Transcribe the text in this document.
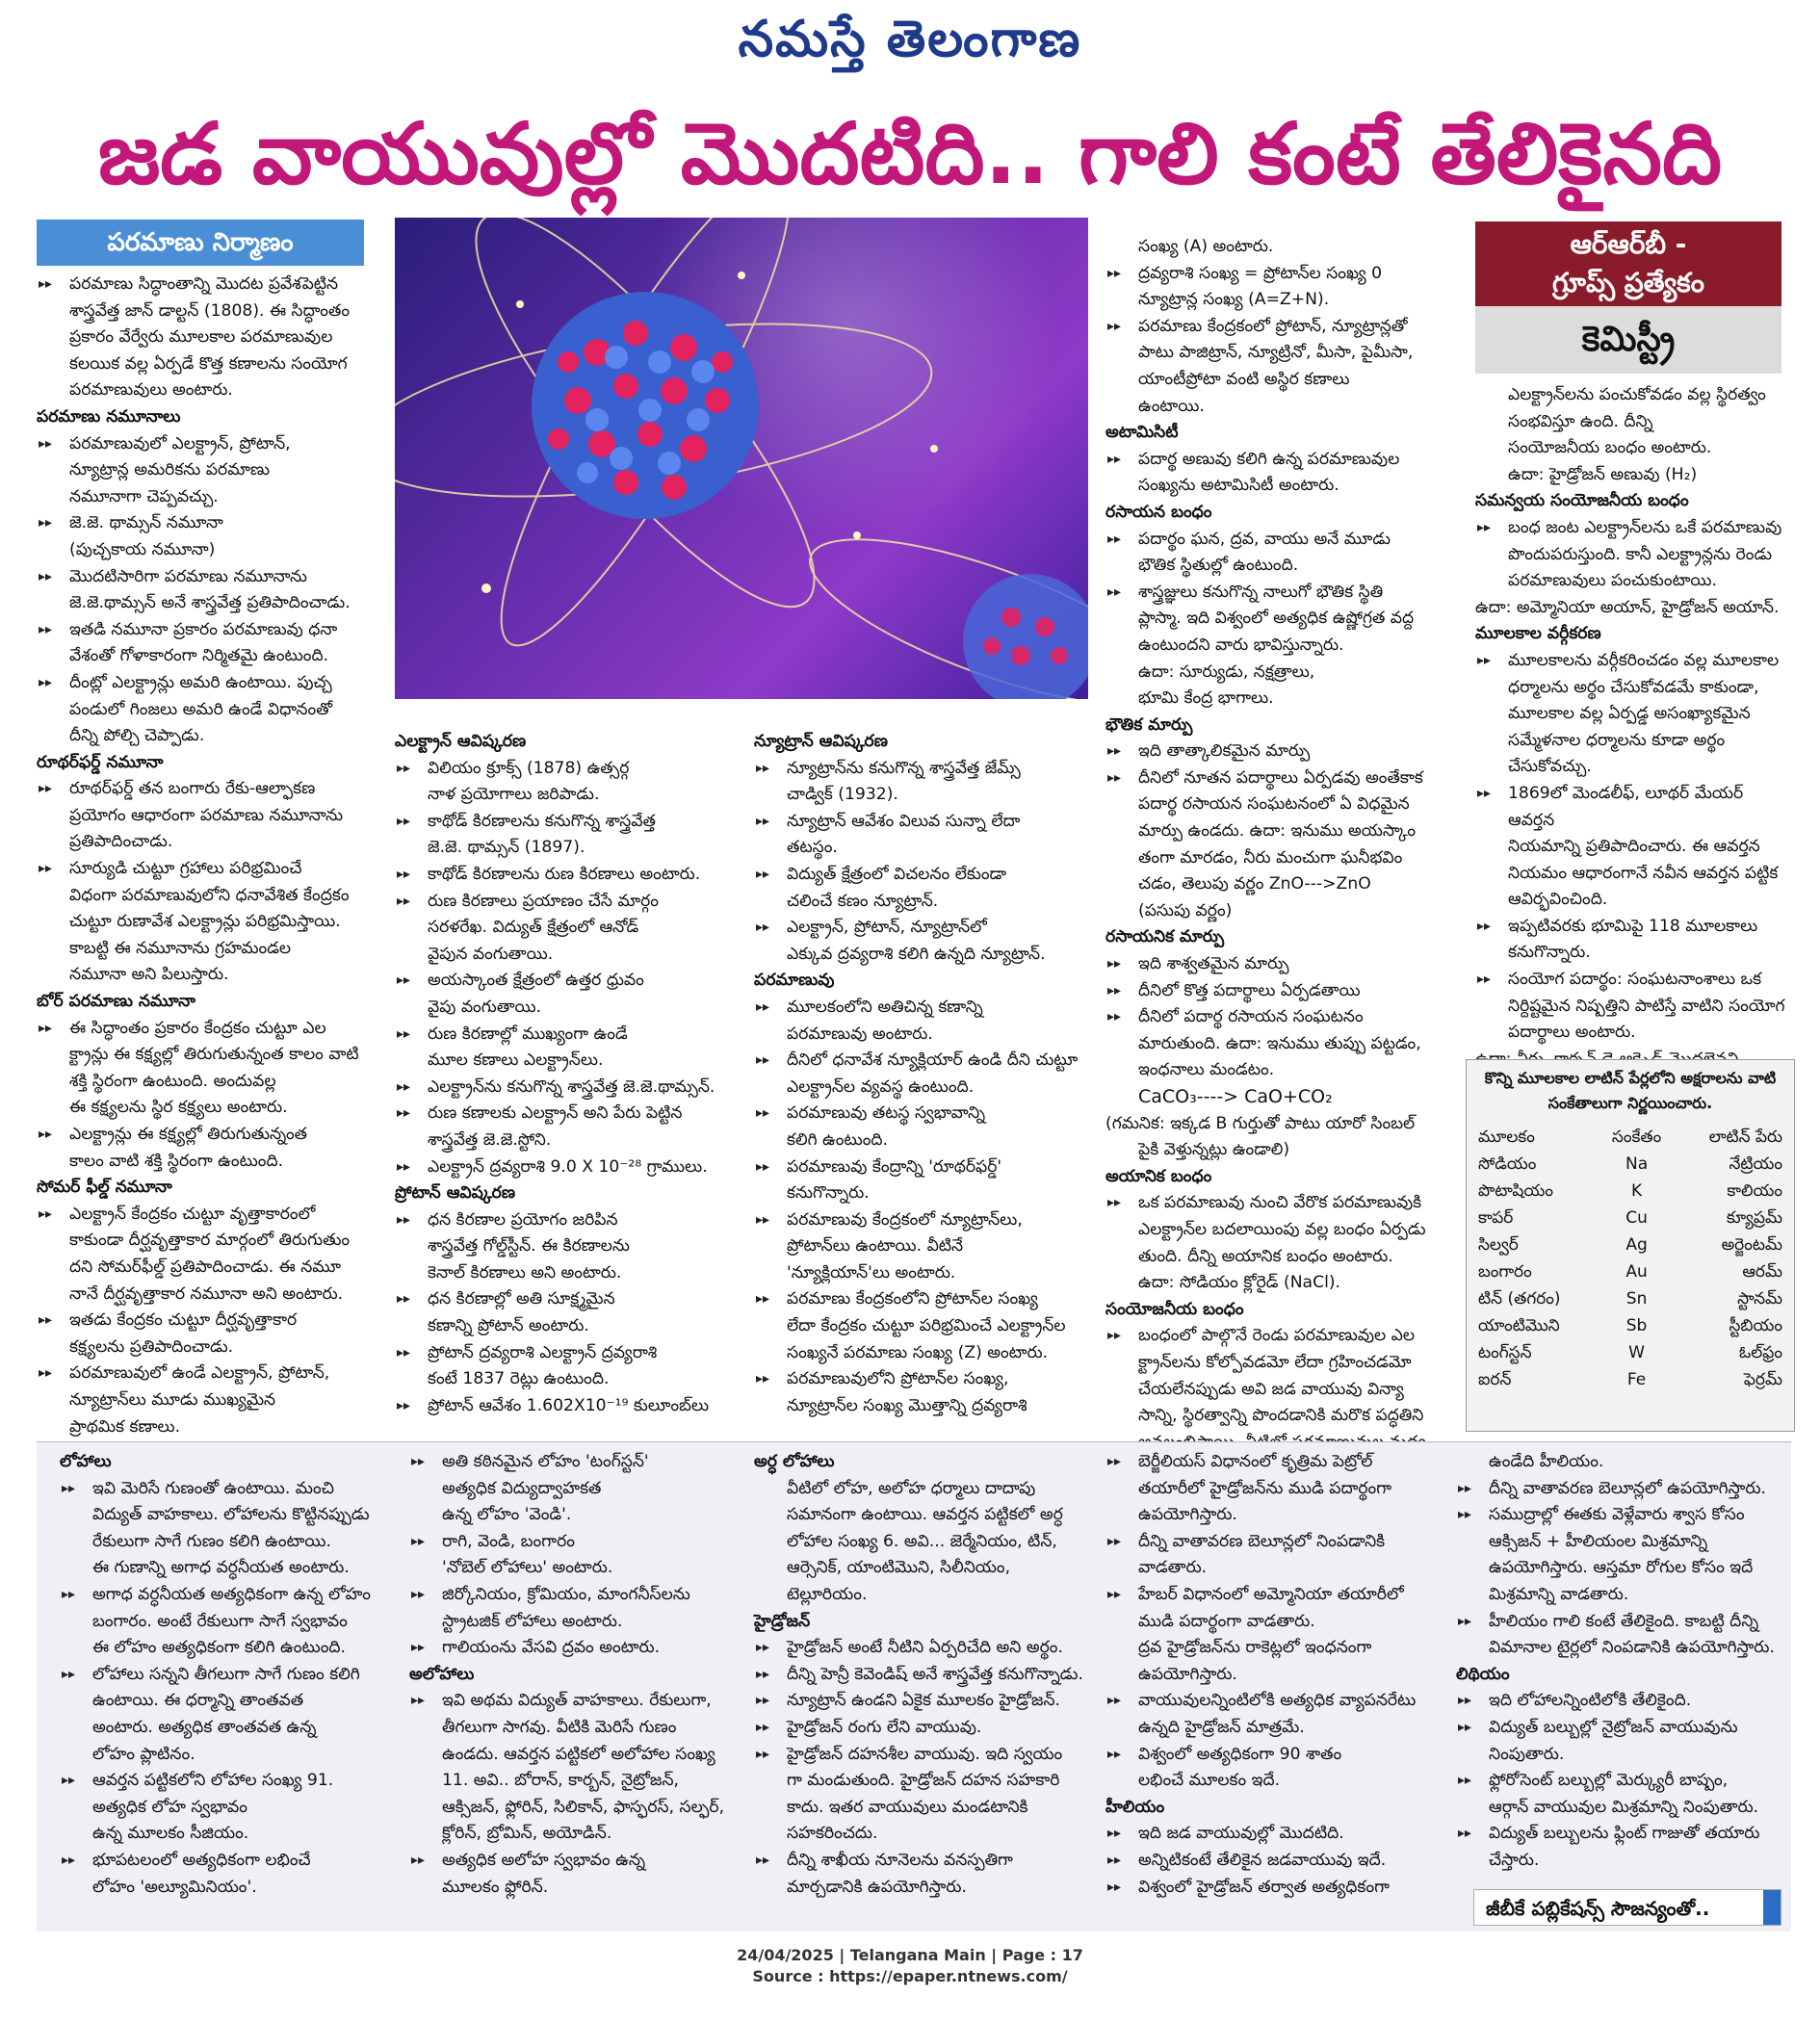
నమస్తే తెలంగాణ
జడ వాయువుల్లో మొదటిది.. గాలి కంటే తేలికైనది
పరమాణు నిర్మాణం

▸▸ పరమాణు సిద్ధాంతాన్ని మొదట ప్రవేశపెట్టిన

శాస్త్రవేత్త జాన్ డాల్టన్ (1808). ఈ సిద్ధాంతం

ప్రకారం వేర్వేరు మూలకాల పరమాణువుల

కలయిక వల్ల ఏర్పడే కొత్త కణాలను సంయోగ

పరమాణువులు అంటారు.

పరమాణు నమూనాలు

▸▸ పరమాణువులో ఎలక్ట్రాన్, ప్రోటాన్,

న్యూట్రాన్ల అమరికను పరమాణు

నమూనాగా చెప్పవచ్చు.

▸▸ జె.జె. థామ్సన్ నమూనా

(పుచ్చకాయ నమూనా)

▸▸ మొదటిసారిగా పరమాణు నమూనాను

జె.జె.థామ్సన్ అనే శాస్త్రవేత్త ప్రతిపాదించాడు.

▸▸ ఇతడి నమూనా ప్రకారం పరమాణువు ధనా

వేశంతో గోళాకారంగా నిర్మితమై ఉంటుంది.

▸▸ దీంట్లో ఎలక్ట్రాన్లు అమరి ఉంటాయి. పుచ్చ

పండులో గింజలు అమరి ఉండే విధానంతో

దీన్ని పోల్చి చెప్పాడు.

రూథర్‌ఫర్డ్ నమూనా

▸▸ రూథర్‌ఫర్డ్ తన బంగారు రేకు-ఆల్ఫాకణ

ప్రయోగం ఆధారంగా పరమాణు నమూనాను

ప్రతిపాదించాడు.

▸▸ సూర్యుడి చుట్టూ గ్రహాలు పరిభ్రమించే

విధంగా పరమాణువులోని ధనావేశిత కేంద్రకం

చుట్టూ రుణావేశ ఎలక్ట్రాన్లు పరిభ్రమిస్తాయి.

కాబట్టి ఈ నమూనాను గ్రహమండల

నమూనా అని పిలుస్తారు.

బోర్ పరమాణు నమూనా

▸▸ ఈ సిద్ధాంతం ప్రకారం కేంద్రకం చుట్టూ ఎల

క్ట్రాన్లు ఈ కక్ష్యల్లో తిరుగుతున్నంత కాలం వాటి

శక్తి స్థిరంగా ఉంటుంది. అందువల్ల

ఈ కక్ష్యలను స్థిర కక్ష్యలు అంటారు.

▸▸ ఎలక్ట్రాన్లు ఈ కక్ష్యల్లో తిరుగుతున్నంత

కాలం వాటి శక్తి స్థిరంగా ఉంటుంది.

సోమర్ ఫీల్డ్ నమూనా

▸▸ ఎలక్ట్రాన్ కేంద్రకం చుట్టూ వృత్తాకారంలో

కాకుండా దీర్ఘవృత్తాకార మార్గంలో తిరుగుతుం

దని సోమర్‌ఫీల్డ్ ప్రతిపాదించాడు. ఈ నమూ

నానే దీర్ఘవృత్తాకార నమూనా అని అంటారు.

▸▸ ఇతడు కేంద్రకం చుట్టూ దీర్ఘవృత్తాకార

కక్ష్యలను ప్రతిపాదించాడు.

▸▸ పరమాణువులో ఉండే ఎలక్ట్రాన్, ప్రోటాన్,

న్యూట్రాన్‌లు మూడు ముఖ్యమైన

ప్రాథమిక కణాలు.

ఎలక్ట్రాన్ ఆవిష్కరణ

▸▸ విలియం క్రూక్స్ (1878) ఉత్సర్గ

నాళ ప్రయోగాలు జరిపాడు.

▸▸ కాథోడ్ కిరణాలను కనుగొన్న శాస్త్రవేత్త

జె.జె. థామ్సన్ (1897).

▸▸ కాథోడ్ కిరణాలను రుణ కిరణాలు అంటారు.

▸▸ రుణ కిరణాలు ప్రయాణం చేసే మార్గం

సరళరేఖ. విద్యుత్ క్షేత్రంలో ఆనోడ్

వైపున వంగుతాయి.

▸▸ అయస్కాంత క్షేత్రంలో ఉత్తర ధ్రువం

వైపు వంగుతాయి.

▸▸ రుణ కిరణాల్లో ముఖ్యంగా ఉండే

మూల కణాలు ఎలక్ట్రాన్‌లు.

▸▸ ఎలక్ట్రాన్‌ను కనుగొన్న శాస్త్రవేత్త జె.జె.థామ్సన్.

▸▸ రుణ కణాలకు ఎలక్ట్రాన్ అని పేరు పెట్టిన

శాస్త్రవేత్త జె.జె.స్టోని.

▸▸ ఎలక్ట్రాన్ ద్రవ్యరాశి 9.0 X 10⁻²⁸ గ్రాములు.

ప్రోటాన్ ఆవిష్కరణ

▸▸ ధన కిరణాల ప్రయోగం జరిపిన

శాస్త్రవేత్త గోల్డ్‌స్టీన్. ఈ కిరణాలను

కెనాల్ కిరణాలు అని అంటారు.

▸▸ ధన కిరణాల్లో అతి సూక్ష్మమైన

కణాన్ని ప్రోటాన్ అంటారు.

▸▸ ప్రోటాన్ ద్రవ్యరాశి ఎలక్ట్రాన్ ద్రవ్యరాశి

కంటే 1837 రెట్లు ఉంటుంది.

▸▸ ప్రోటాన్ ఆవేశం 1.602X10⁻¹⁹ కులూంబ్‌లు

న్యూట్రాన్ ఆవిష్కరణ

▸▸ న్యూట్రాన్‌ను కనుగొన్న శాస్త్రవేత్త జేమ్స్

చాడ్విక్ (1932).

▸▸ న్యూట్రాన్ ఆవేశం విలువ సున్నా లేదా

తటస్థం.

▸▸ విద్యుత్ క్షేత్రంలో విచలనం లేకుండా

చలించే కణం న్యూట్రాన్.

▸▸ ఎలక్ట్రాన్, ప్రోటాన్, న్యూట్రాన్‌లో

ఎక్కువ ద్రవ్యరాశి కలిగి ఉన్నది న్యూట్రాన్.

పరమాణువు

▸▸ మూలకంలోని అతిచిన్న కణాన్ని

పరమాణువు అంటారు.

▸▸ దీనిలో ధనావేశ న్యూక్లియార్ ఉండి దీని చుట్టూ

ఎలక్ట్రాన్‌ల వ్యవస్థ ఉంటుంది.

▸▸ పరమాణువు తటస్థ స్వభావాన్ని

కలిగి ఉంటుంది.

▸▸ పరమాణువు కేంద్రాన్ని 'రూథర్‌ఫర్డ్'

కనుగొన్నారు.

▸▸ పరమాణువు కేంద్రకంలో న్యూట్రాన్‌లు,

ప్రోటాన్‌లు ఉంటాయి. వీటినే

'న్యూక్లియాన్'లు అంటారు.

▸▸ పరమాణు కేంద్రకంలోని ప్రోటాన్‌ల సంఖ్య

లేదా కేంద్రకం చుట్టూ పరిభ్రమించే ఎలక్ట్రాన్‌ల

సంఖ్యనే పరమాణు సంఖ్య (Z) అంటారు.

▸▸ పరమాణువులోని ప్రోటాన్‌ల సంఖ్య,

న్యూట్రాన్‌ల సంఖ్య మొత్తాన్ని ద్రవ్యరాశి

సంఖ్య (A) అంటారు.

▸▸ ద్రవ్యరాశి సంఖ్య = ప్రోటాన్‌ల సంఖ్య 0

న్యూట్రాన్ల సంఖ్య (A=Z+N).

▸▸ పరమాణు కేంద్రకంలో ప్రోటాన్, న్యూట్రాన్లతో

పాటు పాజిట్రాన్, న్యూట్రినో, మీసా, పైమీసా,

యాంటీప్రోటా వంటి అస్థిర కణాలు

ఉంటాయి.

అటామిసిటీ

▸▸ పదార్థ అణువు కలిగి ఉన్న పరమాణువుల

సంఖ్యను అటామిసిటీ అంటారు.

రసాయన బంధం

▸▸ పదార్థం ఘన, ద్రవ, వాయు అనే మూడు

భౌతిక స్థితుల్లో ఉంటుంది.

▸▸ శాస్త్రజ్ఞులు కనుగొన్న నాలుగో భౌతిక స్థితి

ప్లాస్మా. ఇది విశ్వంలో అత్యధిక ఉష్ణోగ్రత వద్ద

ఉంటుందని వారు భావిస్తున్నారు.

ఉదా: సూర్యుడు, నక్షత్రాలు,

భూమి కేంద్ర భాగాలు.

భౌతిక మార్పు

▸▸ ఇది తాత్కాలికమైన మార్పు

▸▸ దీనిలో నూతన పదార్థాలు ఏర్పడవు అంతేకాక

పదార్థ రసాయన సంఘటనంలో ఏ విధమైన

మార్పు ఉండదు. ఉదా: ఇనుము అయస్కాం

తంగా మారడం, నీరు మంచుగా ఘనీభవిం

చడం, తెలుపు వర్ణం ZnO--->ZnO

(పసుపు వర్ణం)

రసాయనిక మార్పు

▸▸ ఇది శాశ్వతమైన మార్పు

▸▸ దీనిలో కొత్త పదార్థాలు ఏర్పడతాయి

▸▸ దీనిలో పదార్థ రసాయన సంఘటనం

మారుతుంది. ఉదా: ఇనుము తుప్పు పట్టడం,

ఇంధనాలు మండటం.

CaCO₃----> CaO+CO₂

(గమనిక: ఇక్కడ B గుర్తుతో పాటు యారో సింబల్

పైకి వెళ్తున్నట్లు ఉండాలి)

అయానిక బంధం

▸▸ ఒక పరమాణువు నుంచి వేరొక పరమాణువుకి

ఎలక్ట్రాన్‌ల బదలాయింపు వల్ల బంధం ఏర్పడు

తుంది. దీన్ని అయానిక బంధం అంటారు.

ఉదా: సోడియం క్లోరైడ్ (NaCl).

సంయోజనీయ బంధం

▸▸ బంధంలో పాల్గొనే రెండు పరమాణువుల ఎల

క్ట్రాన్‌లను కోల్పోవడమో లేదా గ్రహించడమో

చేయలేనప్పుడు అవి జడ వాయువు విన్యా

సాన్ని, స్థిరత్వాన్ని పొందడానికి మరొక పద్ధతిని

ఆర్ఆర్‌బీ -
గ్రూప్స్ ప్రత్యేకం
కెమిస్ట్రీ

ఎలక్ట్రాన్‌లను పంచుకోవడం వల్ల స్థిరత్వం

సంభవిస్తూ ఉంది. దీన్ని

సంయోజనీయ బంధం అంటారు.

ఉదా: హైడ్రోజన్ అణువు (H₂)

సమన్వయ సంయోజనీయ బంధం

▸▸ బంధ జంట ఎలక్ట్రాన్‌లను ఒకే పరమాణువు

పొందుపరుస్తుంది. కానీ ఎలక్ట్రాన్లను రెండు

పరమాణువులు పంచుకుంటాయి.

ఉదా: అమ్మోనియా అయాన్, హైడ్రోజన్ అయాన్.

మూలకాల వర్గీకరణ

▸▸ మూలకాలను వర్గీకరించడం వల్ల మూలకాల

ధర్మాలను అర్థం చేసుకోవడమే కాకుండా,

మూలకాల వల్ల ఏర్పడ్డ అసంఖ్యాకమైన

సమ్మేళనాల ధర్మాలను కూడా అర్థం

చేసుకోవచ్చు.

▸▸ 1869లో మెండలీఫ్, లూథర్ మేయర్ ఆవర్తన

నియమాన్ని ప్రతిపాదించారు. ఈ ఆవర్తన

నియమం ఆధారంగానే నవీన ఆవర్తన పట్టిక

ఆవిర్భవించింది.

▸▸ ఇప్పటివరకు భూమిపై 118 మూలకాలు

కనుగొన్నారు.

▸▸ సంయోగ పదార్థం: సంఘటనాంశాలు ఒక

నిర్దిష్టమైన నిష్పత్తిని పాటిస్తే వాటిని సంయోగ

పదార్థాలు అంటారు.

కొన్ని మూలకాల లాటిన్ పేర్లలోని అక్షరాలను వాటి సంకేతాలుగా నిర్ణయించారు.
మూలకం	సంకేతం	లాటిన్ పేరు
సోడియం	Na	నేట్రియం
పొటాషియం	K	కాలియం
కాపర్	Cu	క్యూప్రమ్
సిల్వర్	Ag	అర్జెంటమ్
బంగారం	Au	ఆరమ్
టిన్ (తగరం)	Sn	స్టానమ్
యాంటిమొని	Sb	స్టీబియం
టంగ్‌స్టన్	W	ఓల్‌ఫ్రం
ఐరన్	Fe	ఫెర్రమ్

లోహాలు

▸▸ ఇవి మెరిసే గుణంతో ఉంటాయి. మంచి

విద్యుత్ వాహకాలు. లోహాలను కొట్టినప్పుడు

రేకులుగా సాగే గుణం కలిగి ఉంటాయి.

ఈ గుణాన్ని అగాధ వర్ధనీయత అంటారు.

▸▸ అగాధ వర్ధనీయత అత్యధికంగా ఉన్న లోహం

బంగారం. అంటే రేకులుగా సాగే స్వభావం

ఈ లోహం అత్యధికంగా కలిగి ఉంటుంది.

▸▸ లోహాలు సన్నని తీగలుగా సాగే గుణం కలిగి

ఉంటాయి. ఈ ధర్మాన్ని తాంతవత

అంటారు. అత్యధిక తాంతవత ఉన్న

లోహం ప్లాటినం.

▸▸ ఆవర్తన పట్టికలోని లోహాల సంఖ్య 91.

అత్యధిక లోహ స్వభావం

ఉన్న మూలకం సీజియం.

▸▸ భూపటలంలో అత్యధికంగా లభించే

లోహం 'అల్యూమినియం'.

▸▸ అతి కఠినమైన లోహం 'టంగ్‌స్టన్'

అత్యధిక విద్యుద్వాహకత

ఉన్న లోహం 'వెండి'.

▸▸ రాగి, వెండి, బంగారం

'నోబెల్ లోహాలు' అంటారు.

▸▸ జిర్కోనియం, క్రోమియం, మాంగనీస్‌లను

స్ట్రాటజిక్ లోహాలు అంటారు.

▸▸ గాలియంను వేసవి ద్రవం అంటారు.

అలోహాలు

▸▸ ఇవి అథమ విద్యుత్ వాహకాలు. రేకులుగా,

తీగలుగా సాగవు. వీటికి మెరిసే గుణం

ఉండదు. ఆవర్తన పట్టికలో అలోహాల సంఖ్య

11. అవి.. బోరాన్, కార్బన్, నైట్రోజన్,

ఆక్సిజన్, ఫ్లోరిన్, సిలికాన్, ఫాస్ఫరస్, సల్ఫర్,

క్లోరిన్, బ్రోమిన్, అయోడిన్.

▸▸ అత్యధిక అలోహ స్వభావం ఉన్న

మూలకం ఫ్లోరిన్.

అర్ధ లోహాలు

వీటిలో లోహ, అలోహ ధర్మాలు దాదాపు

సమానంగా ఉంటాయి. ఆవర్తన పట్టికలో అర్ధ

లోహాల సంఖ్య 6. అవి... జెర్మేనియం, టిన్,

ఆర్సెనిక్, యాంటిమొని, సిలీనియం,

టెల్లూరియం.

హైడ్రోజన్

▸▸ హైడ్రోజన్ అంటే నీటిని ఏర్పరిచేది అని అర్థం.

▸▸ దీన్ని హెన్రీ కెవెండిష్ అనే శాస్త్రవేత్త కనుగొన్నాడు.

▸▸ న్యూట్రాన్ ఉండని ఏకైక మూలకం హైడ్రోజన్.

▸▸ హైడ్రోజన్ రంగు లేని వాయువు.

▸▸ హైడ్రోజన్ దహనశీల వాయువు. ఇది స్వయం

గా మండుతుంది. హైడ్రోజన్ దహన సహకారి

కాదు. ఇతర వాయువులు మండటానికి

సహకరించదు.

▸▸ దీన్ని శాఖీయ నూనెలను వనస్పతిగా

మార్చడానికి ఉపయోగిస్తారు.

▸▸ బెర్జీలియస్ విధానంలో కృత్రిమ పెట్రోల్

తయారీలో హైడ్రోజన్‌ను ముడి పదార్థంగా

ఉపయోగిస్తారు.

▸▸ దీన్ని వాతావరణ బెలూన్లలో నింపడానికి

వాడతారు.

▸▸ హేబర్ విధానంలో అమ్మోనియా తయారీలో

ముడి పదార్థంగా వాడతారు.

ద్రవ హైడ్రోజన్‌ను రాకెట్లలో ఇంధనంగా

ఉపయోగిస్తారు.

▸▸ వాయువులన్నింటిలోకి అత్యధిక వ్యాపనరేటు

ఉన్నది హైడ్రోజన్ మాత్రమే.

▸▸ విశ్వంలో అత్యధికంగా 90 శాతం

లభించే మూలకం ఇదే.

హీలియం

▸▸ ఇది జడ వాయువుల్లో మొదటిది.

▸▸ అన్నిటికంటే తేలికైన జడవాయువు ఇదే.

▸▸ విశ్వంలో హైడ్రోజన్ తర్వాత అత్యధికంగా

ఉండేది హీలియం.

▸▸ దీన్ని వాతావరణ బెలూన్లలో ఉపయోగిస్తారు.

▸▸ సముద్రాల్లో ఈతకు వెళ్లేవారు శ్వాస కోసం

ఆక్సిజన్ + హీలియంల మిశ్రమాన్ని

ఉపయోగిస్తారు. ఆస్తమా రోగుల కోసం ఇదే

మిశ్రమాన్ని వాడతారు.

▸▸ హీలియం గాలి కంటే తేలికైంది. కాబట్టి దీన్ని

విమానాల టైర్లలో నింపడానికి ఉపయోగిస్తారు.

లిథియం

▸▸ ఇది లోహాలన్నింటిలోకి తేలికైంది.

▸▸ విద్యుత్ బల్బుల్లో నైట్రోజన్ వాయువును

నింపుతారు.

▸▸ ఫ్లోరోసెంట్ బల్బుల్లో మెర్క్యురీ బాష్పం,

ఆర్గాన్ వాయువుల మిశ్రమాన్ని నింపుతారు.

▸▸ విద్యుత్ బల్బులను ఫ్లింట్ గాజుతో తయారు

చేస్తారు.

జీబీకే పబ్లికేషన్స్ సౌజన్యంతో..
24/04/2025 | Telangana Main | Page : 17
Source : https://epaper.ntnews.com/
